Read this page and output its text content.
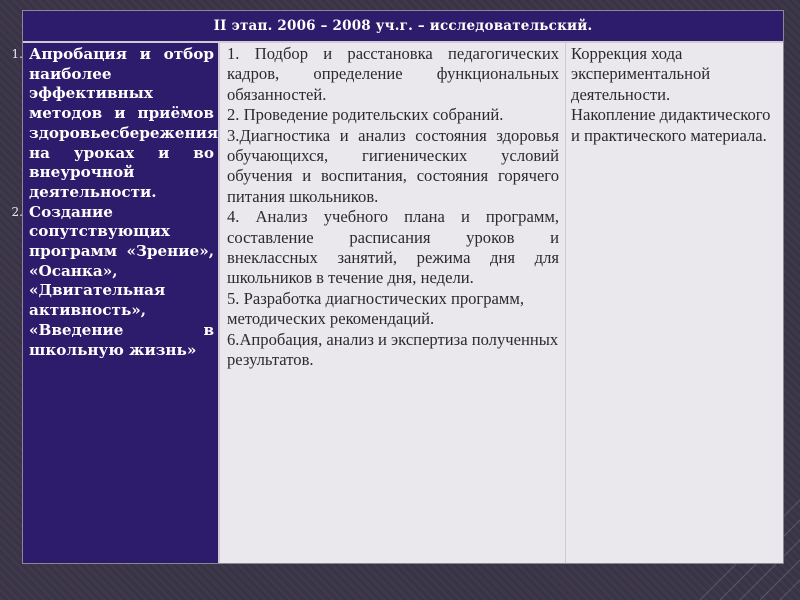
II этап. 2006 – 2008 уч.г. – исследовательский.
1. Апробация и отбор наиболее эффективных методов и приёмов здоровьесбережения на уроках и во внеурочной деятельности.
2. Создание сопутствующих программ «Зрение», «Осанка», «Двигательная активность», «Введение в школьную жизнь»
1. Подбор и расстановка педагогических кадров, определение функциональных обязанностей.
2. Проведение родительских собраний.
3.Диагностика и анализ состояния здоровья обучающихся, гигиенических условий обучения и воспитания, состояния горячего питания школьников.
4. Анализ учебного плана и программ, составление расписания уроков и внеклассных занятий, режима дня для школьников в течение дня, недели.
5. Разработка диагностических программ, методических рекомендаций.
6.Апробация, анализ и экспертиза полученных результатов.
Коррекция хода экспериментальной деятельности.
Накопление дидактического и практического материала.
